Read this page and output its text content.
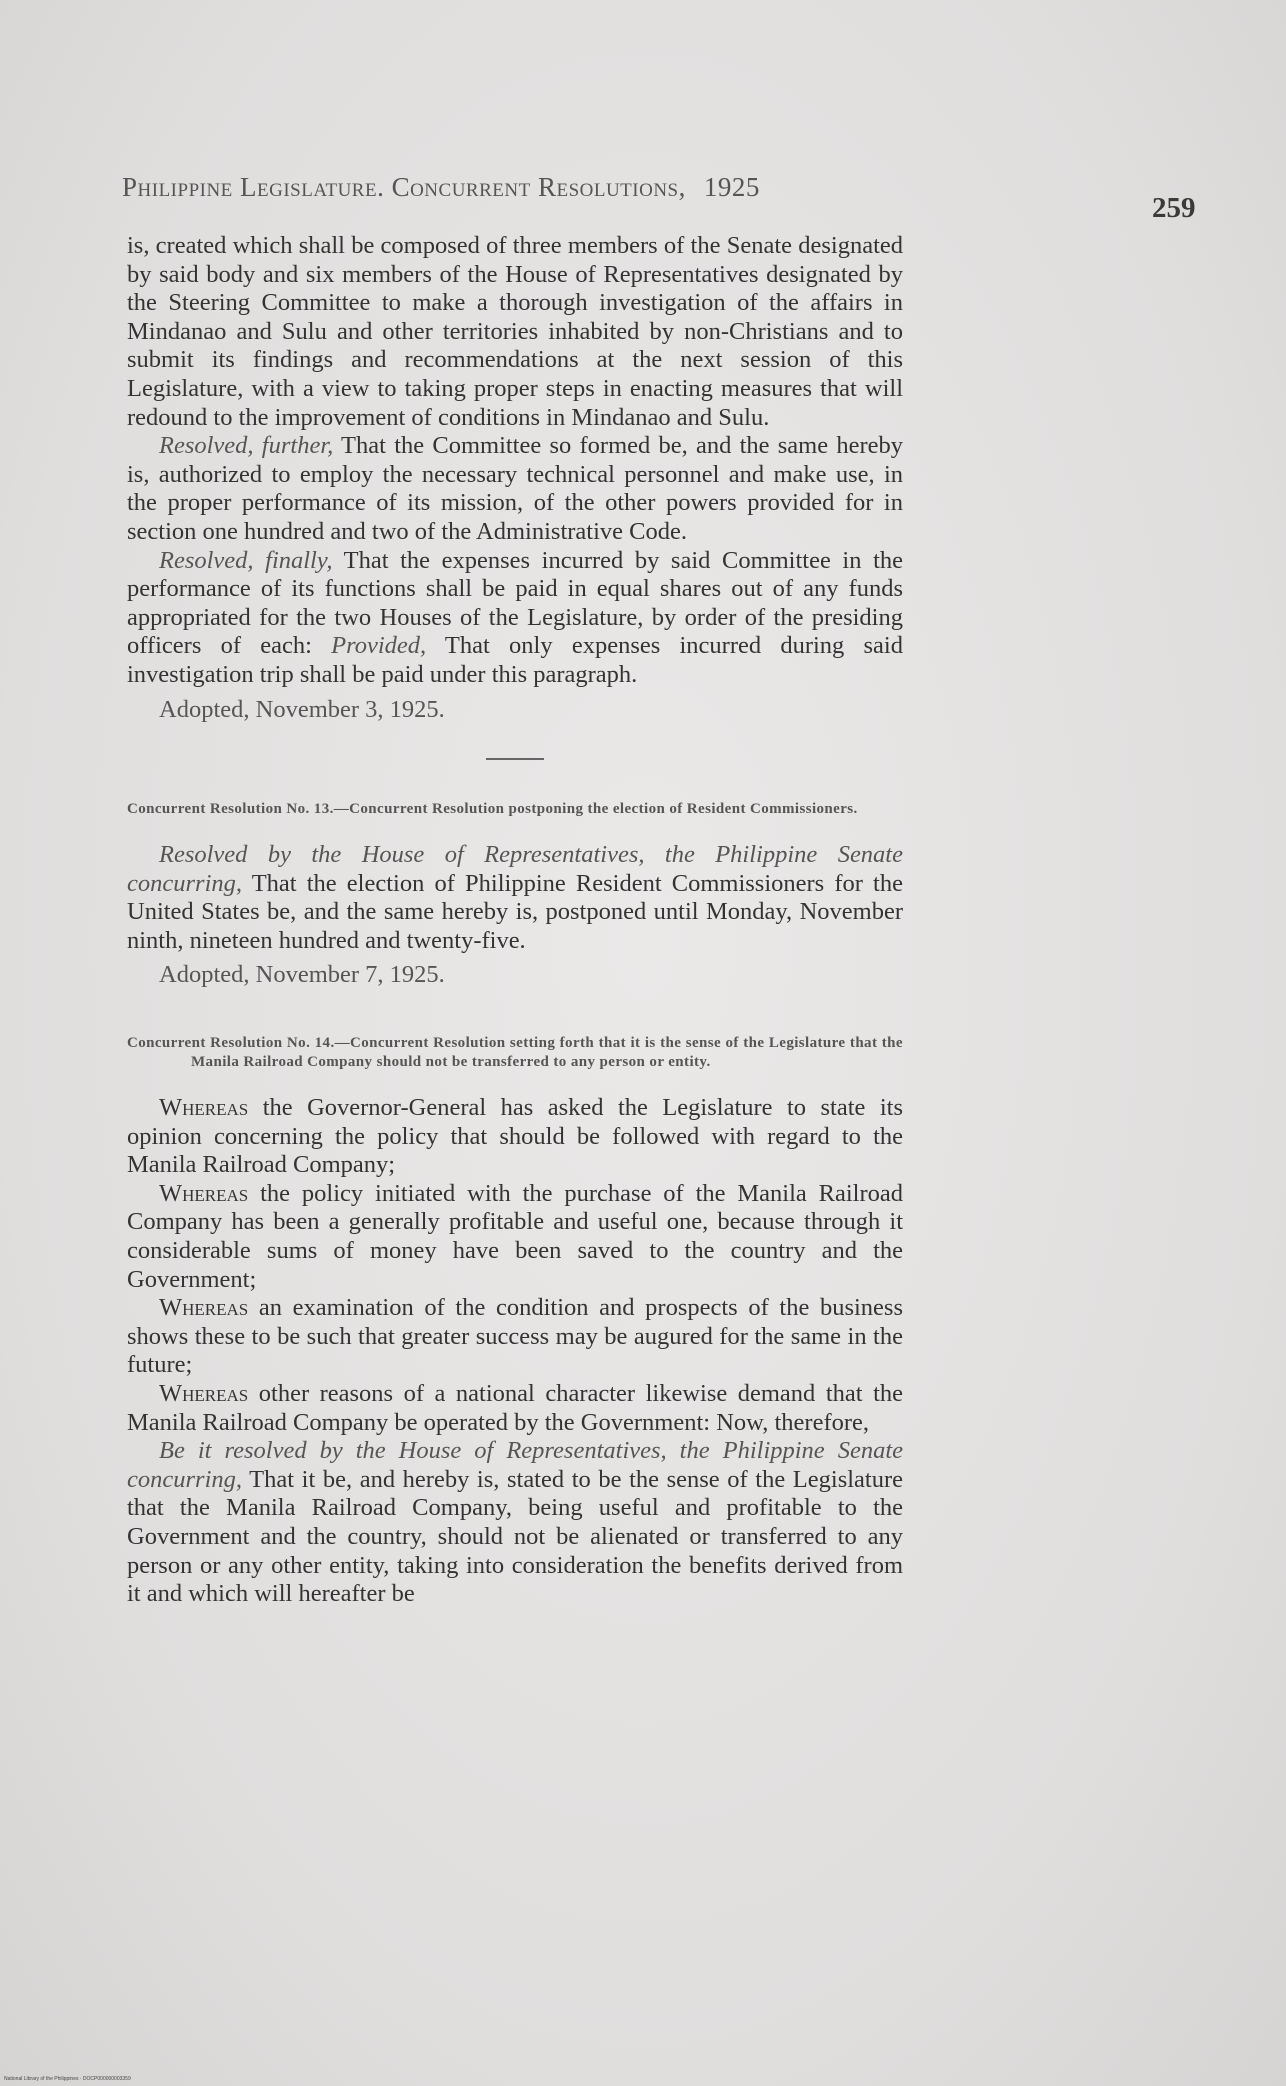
Philippine Legislature. Concurrent Resolutions, 1925
259

is, created which shall be composed of three members of the Senate designated by said body and six members of the House of Representatives designated by the Steering Committee to make a thorough investigation of the affairs in Mindanao and Sulu and other territories inhabited by non-Christians and to submit its findings and recommendations at the next session of this Legislature, with a view to taking proper steps in enacting measures that will redound to the improvement of conditions in Mindanao and Sulu.

Resolved, further, That the Committee so formed be, and the same hereby is, authorized to employ the necessary technical personnel and make use, in the proper performance of its mission, of the other powers provided for in section one hundred and two of the Administrative Code.

Resolved, finally, That the expenses incurred by said Committee in the performance of its functions shall be paid in equal shares out of any funds appropriated for the two Houses of the Legislature, by order of the presiding officers of each: Provided, That only expenses incurred during said investigation trip shall be paid under this paragraph.

Adopted, November 3, 1925.

Concurrent Resolution No. 13.—Concurrent Resolution postponing the election of Resident Commissioners.

Resolved by the House of Representatives, the Philippine Senate concurring, That the election of Philippine Resident Commissioners for the United States be, and the same hereby is, postponed until Monday, November ninth, nineteen hundred and twenty-five.

Adopted, November 7, 1925.

Concurrent Resolution No. 14.—Concurrent Resolution setting forth that it is the sense of the Legislature that the Manila Railroad Company should not be transferred to any person or entity.

Whereas the Governor-General has asked the Legislature to state its opinion concerning the policy that should be followed with regard to the Manila Railroad Company;

Whereas the policy initiated with the purchase of the Manila Railroad Company has been a generally profitable and useful one, because through it considerable sums of money have been saved to the country and the Government;

Whereas an examination of the condition and prospects of the business shows these to be such that greater success may be augured for the same in the future;

Whereas other reasons of a national character likewise demand that the Manila Railroad Company be operated by the Government: Now, therefore,

Be it resolved by the House of Representatives, the Philippine Senate concurring, That it be, and hereby is, stated to be the sense of the Legislature that the Manila Railroad Company, being useful and profitable to the Government and the country, should not be alienated or transferred to any person or any other entity, taking into consideration the benefits derived from it and which will hereafter be

National Library of the Philippines · DOCP000000003359
